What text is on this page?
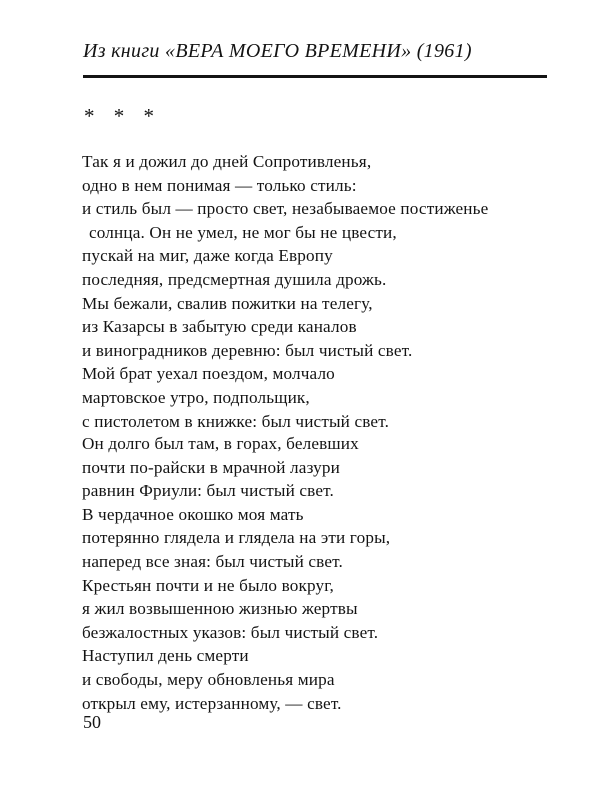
Из книги «ВЕРА МОЕГО ВРЕМЕНИ» (1961)
* * *
Так я и дожил до дней Сопротивленья,
одно в нем понимая — только стиль:
и стиль был — просто свет, незабываемое постиженье
солнца. Он не умел, не мог бы не цвести,
пускай на миг, даже когда Европу
последняя, предсмертная душила дрожь.
Мы бежали, свалив пожитки на телегу,
из Казарсы в забытую среди каналов
и виноградников деревню: был чистый свет.
Мой брат уехал поездом, молчало
мартовское утро, подпольщик,
с пистолетом в книжке: был чистый свет.
Он долго был там, в горах, белевших
почти по-райски в мрачной лазури
равнин Фриули: был чистый свет.
В чердачное окошко моя мать
потерянно глядела и глядела на эти горы,
наперед все зная: был чистый свет.
Крестьян почти и не было вокруг,
я жил возвышенною жизнью жертвы
безжалостных указов: был чистый свет.
Наступил день смерти
и свободы, меру обновленья мира
открыл ему, истерзанному, — свет.
50
